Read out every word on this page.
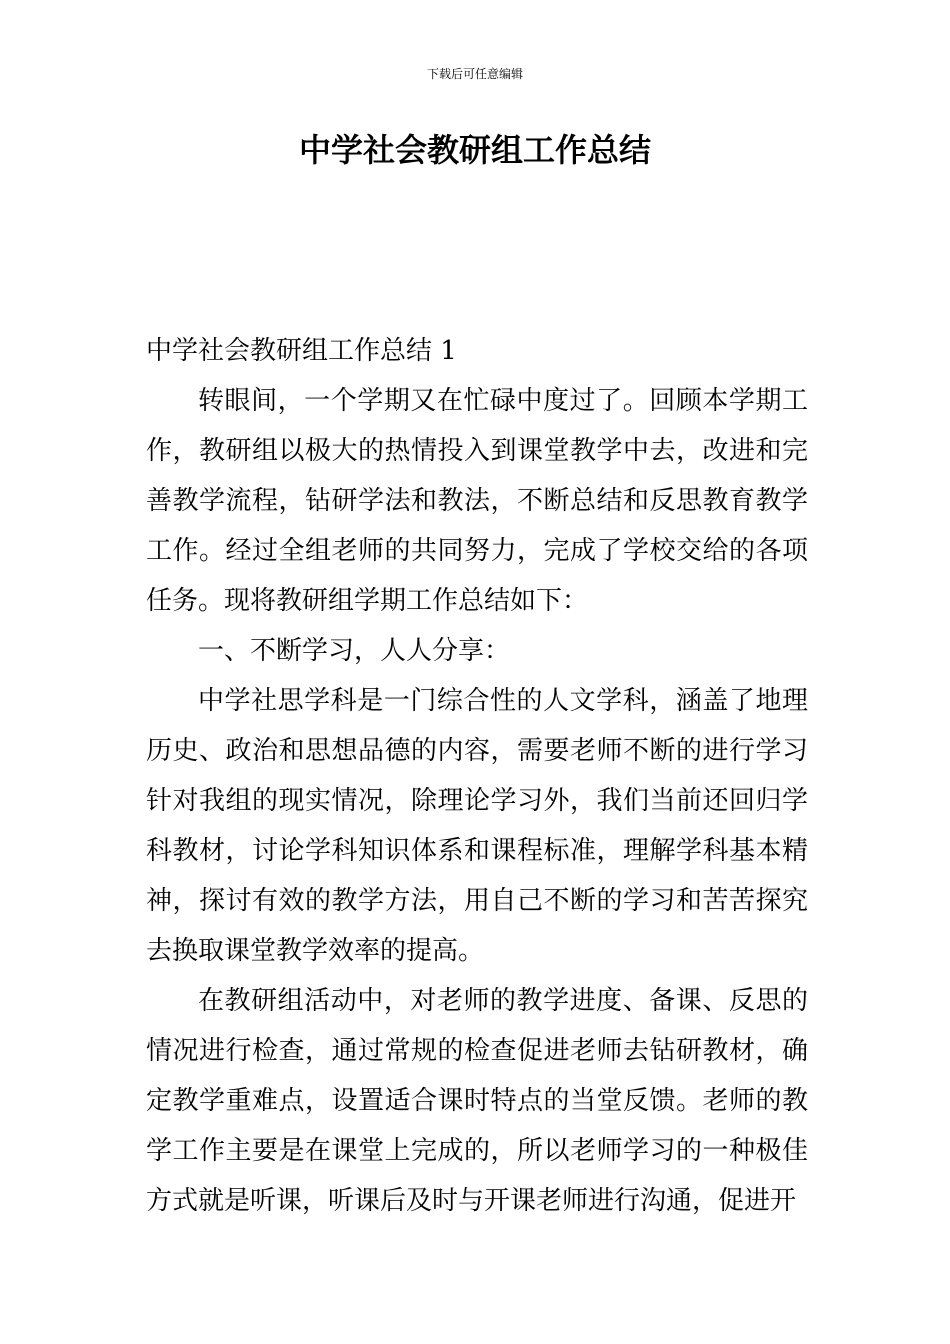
下载后可任意编辑
中学社会教研组工作总结

中学社会教研组工作总结 1

转眼间，一个学期又在忙碌中度过了。回顾本学期工作，教研组以极大的热情投入到课堂教学中去，改进和完善教学流程，钻研学法和教法，不断总结和反思教育教学工作。经过全组老师的共同努力，完成了学校交给的各项任务。现将教研组学期工作总结如下：

一、不断学习，人人分享：

中学社思学科是一门综合性的人文学科，涵盖了地理历史、政治和思想品德的内容，需要老师不断的进行学习针对我组的现实情况，除理论学习外，我们当前还回归学科教材，讨论学科知识体系和课程标准，理解学科基本精神，探讨有效的教学方法，用自己不断的学习和苦苦探究去换取课堂教学效率的提高。

在教研组活动中，对老师的教学进度、备课、反思的情况进行检查，通过常规的检查促进老师去钻研教材，确定教学重难点，设置适合课时特点的当堂反馈。老师的教学工作主要是在课堂上完成的，所以老师学习的一种极佳方式就是听课，听课后及时与开课老师进行沟通，促进开
